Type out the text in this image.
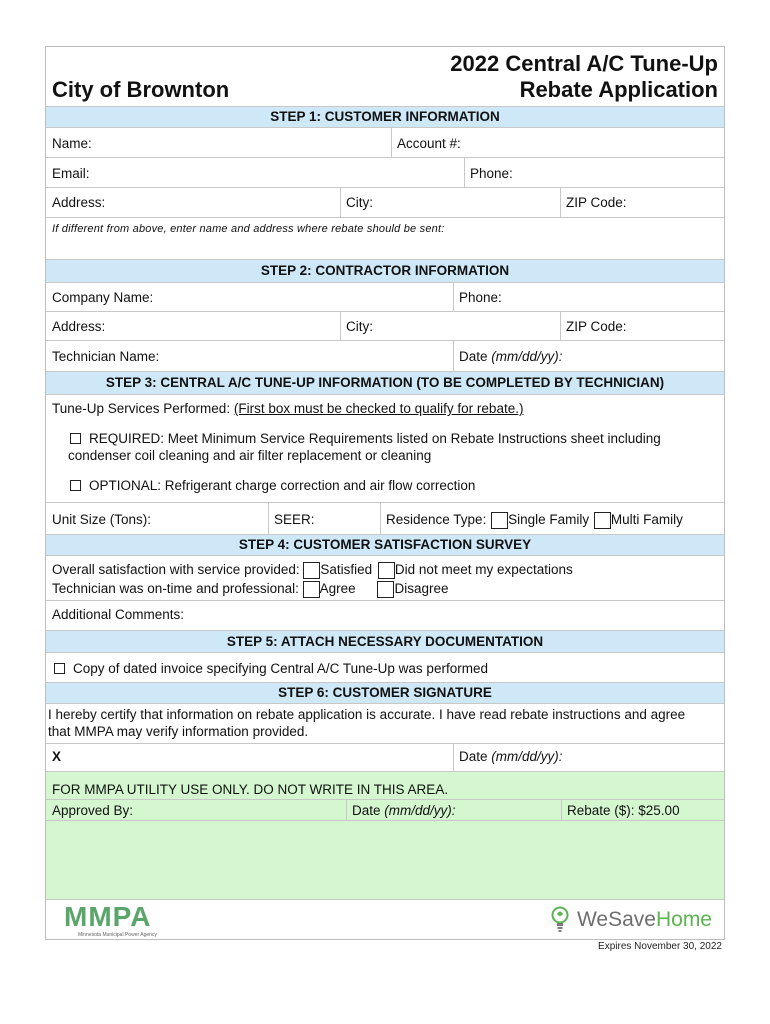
City of Brownton
2022 Central A/C Tune-Up
Rebate Application
STEP 1: CUSTOMER INFORMATION
Name:	Account #:
Email:	Phone:
Address:	City:	ZIP Code:
If different from above, enter name and address where rebate should be sent:
STEP 2: CONTRACTOR INFORMATION
Company Name:	Phone:
Address:	City:	ZIP Code:
Technician Name:	Date (mm/dd/yy):
STEP 3: CENTRAL A/C TUNE-UP INFORMATION (TO BE COMPLETED BY TECHNICIAN)
Tune-Up Services Performed: (First box must be checked to qualify for rebate.)
REQUIRED: Meet Minimum Service Requirements listed on Rebate Instructions sheet including
condenser coil cleaning and air filter replacement or cleaning
OPTIONAL: Refrigerant charge correction and air flow correction
Unit Size (Tons):	SEER:	Residence Type: Single Family Multi Family
STEP 4: CUSTOMER SATISFACTION SURVEY
Overall satisfaction with service provided: Satisfied Did not meet my expectations
Technician was on-time and professional: Agree	Disagree
Additional Comments:
STEP 5: ATTACH NECESSARY DOCUMENTATION
Copy of dated invoice specifying Central A/C Tune-Up was performed
STEP 6: CUSTOMER SIGNATURE
I hereby certify that information on rebate application is accurate. I have read rebate instructions and agree
that MMPA may verify information provided.
X	Date (mm/dd/yy):
FOR MMPA UTILITY USE ONLY. DO NOT WRITE IN THIS AREA.
Approved By:	Date (mm/dd/yy):	Rebate ($): $25.00
MMPA
Minnesota Municipal Power Agency
WeSave Home
Expires November 30, 2022
